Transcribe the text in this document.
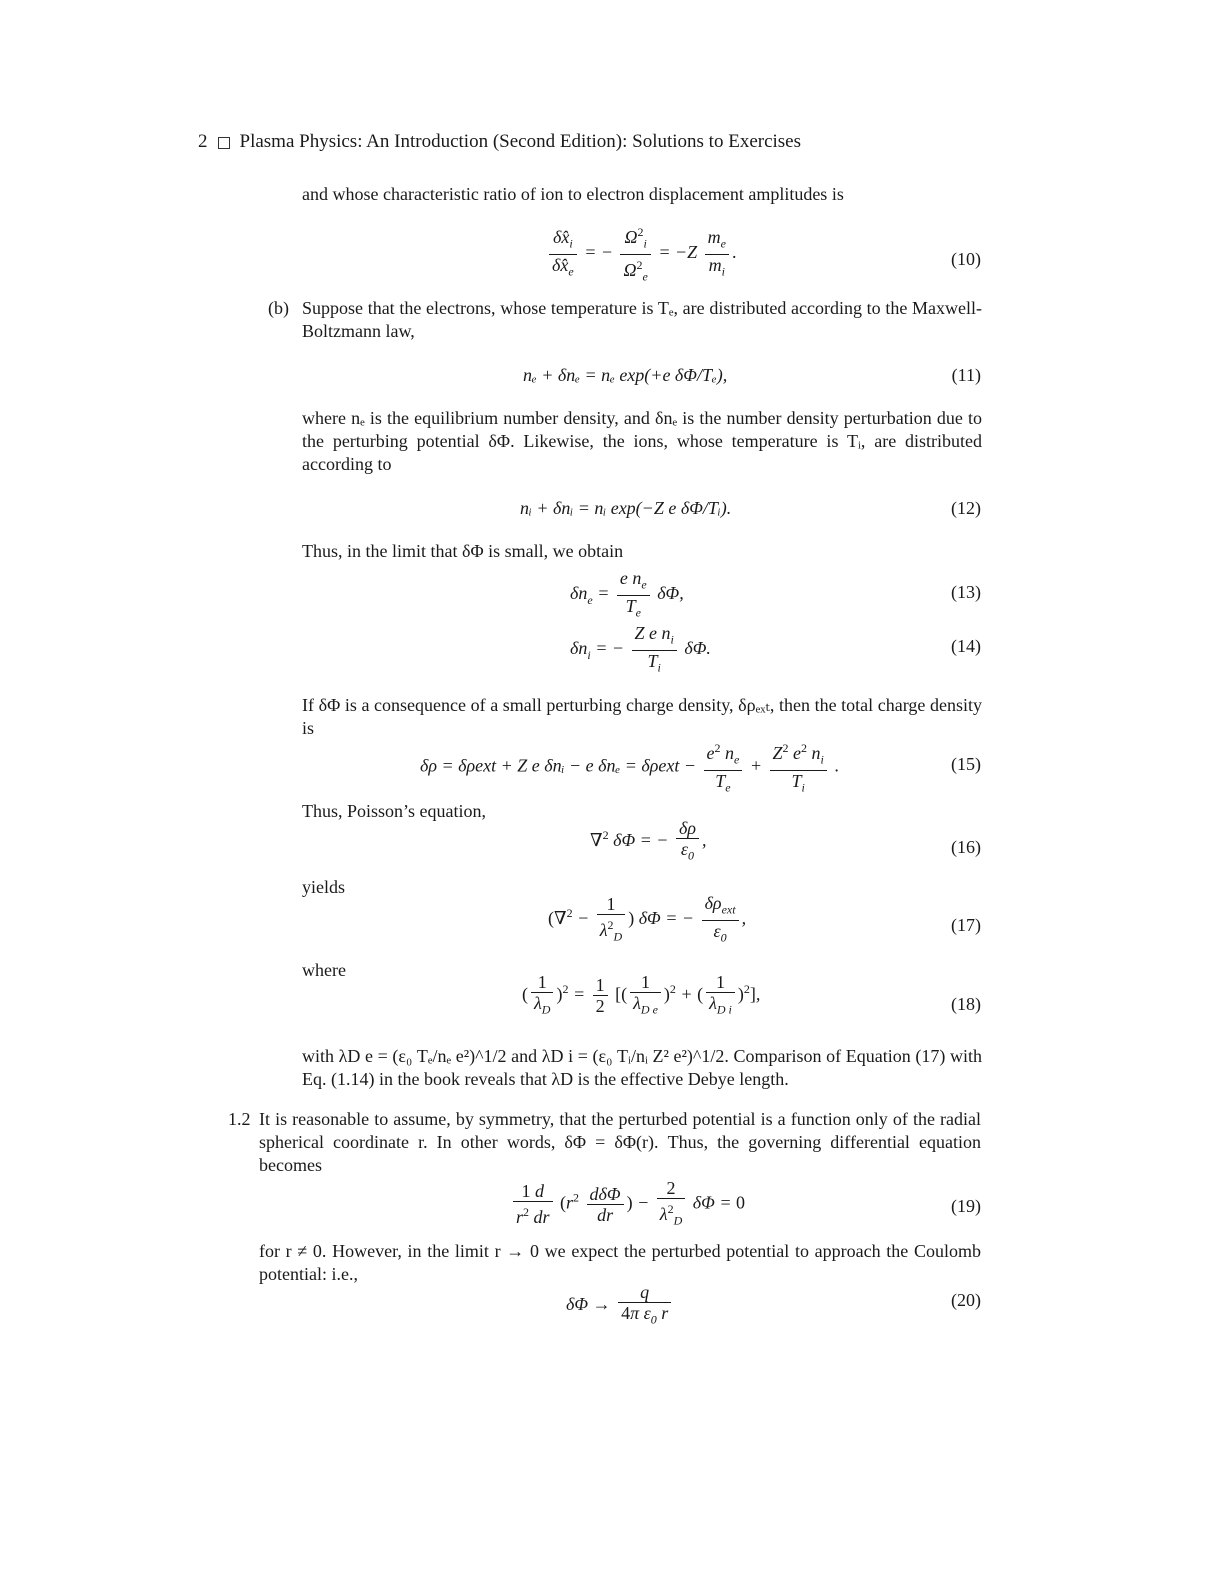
2 Plasma Physics: An Introduction (Second Edition): Solutions to Exercises

and whose characteristic ratio of ion to electron displacement amplitudes is

$\frac{\delta x̂_i}{\delta x̂_e}$ = − $\frac{\Omega^2_i}{\Omega^2_e} = -Z \frac{m_e}{m_i}$ .	(10)
(b) Suppose that the electrons, whose temperature is Tₑ, are distributed according to the Maxwell-Boltzmann law,

nₑ + δnₑ = nₑ exp(+e δΦ/Tₑ),	(11)

where nₑ is the equilibrium number density, and δnₑ is the number density perturbation due to the perturbing potential δΦ. Likewise, the ions, whose temperature is Tᵢ, are distributed according to

nᵢ + δnᵢ = nᵢ exp(−Z e δΦ/Tᵢ).	(12)

Thus, in the limit that δΦ is small, we obtain

$\delta n_e = \frac{e n_e}{T_e} \delta\Phi$,	(13)
$\delta n_i$ = − $\frac{Z e n_i}{T_i} \delta\Phi$.	(14)

If δΦ is a consequence of a small perturbing charge density, δρₑₓₜ, then the total charge density is

δρ = δρext + Z e δnᵢ − e $\delta n_e = \delta\rho ext - \frac{e^2 n_e}{T_e} + \frac{Z^2 e^2 n_i}{T_i}$ .	(15)

Thus, Poisson’s equation,

∇$^2$ δΦ = − $\frac{\delta\rho}{\varepsilon_0}$ ,	(16)
yields
($\nabla^2 - \frac{1}{\lambda^2_D}$ ) δΦ = − $\frac{\delta\rho_{ext}}{\varepsilon_0}$ ,	(17)
where
( $\frac{1}{\lambda_D} )^2 = \frac{1}{2}$ [( $\frac{1}{\lambda_{D e}} )^2$ + ( $\frac{1}{\lambda_{D i}} )^2$],
(18)

with λD e = (ε₀ Tₑ/nₑ e²)^1/2 and λD i = (ε₀ Tᵢ/nᵢ Z² e²)^1/2. Comparison of Equation (17) with Eq. (1.14) in the book reveals that λD is the effective Debye length.

1.2 It is reasonable to assume, by symmetry, that the perturbed potential is a function only of the radial spherical coordinate r. In other words, δΦ = δΦ(r). Thus, the governing differential equation becomes

$\frac{1 d}{r^2 dr} (r^2 \frac{\text{dδΦ}}{dr}$ ) − $\frac{2}{\lambda^2_D}$ δΦ = 0	(19)

for r ≠ 0. However, in the limit r → 0 we expect the perturbed potential to approach the Coulomb potential: i.e.,

$\delta\Phi \to \frac{q}{4\pi \varepsilon_0 r}$	(20)
